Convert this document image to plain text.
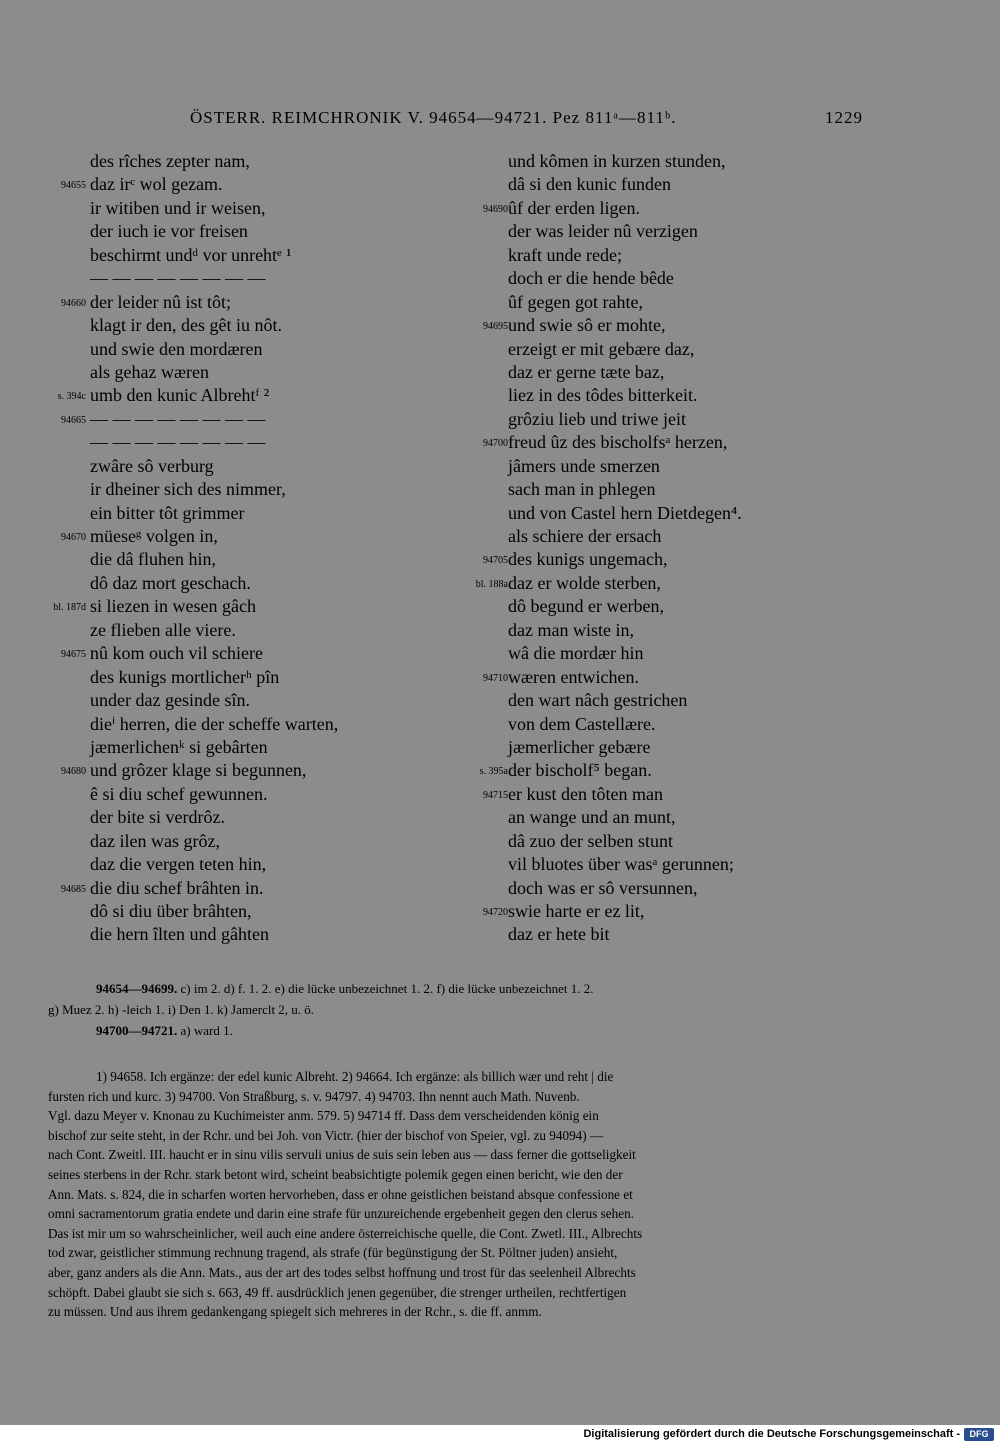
ÖSTERR. REIMCHRONIK V. 94654—94721. Pez 811ᵃ—811ᵇ.	1229
des rîches zepter nam,
94655 daz irᶜ wol gezam.
ir witiben und ir weisen,
der iuch ie vor freisen
beschirmt undᵈ vor unrehtᵉ ¹
— — — — — — — —
94660 der leider nû ist tôt;
klagt ir den, des gêt iu nôt.
und swie den mordæren
als gehaz wæren
s. 394c umb den kunic Albrehtᶠ ²
94665 — — — — — — — —
— — — — — — — —
zwâre sô verburg
ir dheiner sich des nimmer,
ein bitter tôt grimmer
94670 müeseᵍ volgen in,
die dâ fluhen hin,
dô daz mort geschach.
bl. 187d si liezen in wesen gâch
ze flieben alle viere.
94675 nû kom ouch vil schiere
des kunigs mortlicherʰ pîn
under daz gesinde sîn.
dieⁱ herren, die der scheffe warten,
jæmerlichenᵏ si gebârten
94680 und grôzer klage si begunnen,
ê si diu schef gewunnen.
der bite si verdrôz.
daz ilen was grôz,
daz die vergen teten hin,
94685 die diu schef brâhten in.
dô si diu über brâhten,
die hern îlten und gâhten
und kômen in kurzen stunden,
dâ si den kunic funden
94690 ûf der erden ligen.
der was leider nû verzigen
kraft unde rede;
doch er die hende bêde
ûf gegen got rahte,
94695 und swie sô er mohte,
erzeigt er mit gebære daz,
daz er gerne tæte baz,
liez in des tôdes bitterkeit.
grôziu lieb und triwe jeit
94700 freud ûz des bischolfsᵃ herzen,
jâmers unde smerzen
sach man in phlegen
und von Castel hern Dietdegen⁴.
als schiere der ersach
94705 des kunigs ungemach,
bl. 188a daz er wolde sterben,
dô begund er werben,
daz man wiste in,
wâ die mordær hin
94710 wæren entwichen.
den wart nâch gestrichen
von dem Castellære.
jæmerlicher gebære
s. 395a der bischolf⁵ began.
94715 er kust den tôten man
an wange und an munt,
dâ zuo der selben stunt
vil bluotes über wasᵃ gerunnen;
doch was er sô versunnen,
94720 swie harte er ez lit,
daz er hete bit
94654—94699. c) im 2. d) f. 1. 2. e) die lücke unbezeichnet 1. 2. f) die lücke unbezeichnet 1. 2.
g) Muez 2. h) -leich 1. i) Den 1. k) Jamerclt 2, u. ö.
94700—94721. a) ward 1.
1) 94658. Ich ergänze: der edel kunic Albreht. 2) 94664. Ich ergänze: als billich wær und reht | die
fursten rich und kurc. 3) 94700. Von Straßburg, s. v. 94797. 4) 94703. Ihn nennt auch Math. Nuvenb.
Vgl. dazu Meyer v. Knonau zu Kuchimeister anm. 579. 5) 94714 ff. Dass dem verscheidenden könig ein
bischof zur seite steht, in der Rchr. und bei Joh. von Victr. (hier der bischof von Speier, vgl. zu 94094) —
nach Cont. Zweitl. III. haucht er in sinu vilis servuli unius de suis sein leben aus — dass ferner die gottseligkeit
seines sterbens in der Rchr. stark betont wird, scheint beabsichtigte polemik gegen einen bericht, wie den der
Ann. Mats. s. 824, die in scharfen worten hervorheben, dass er ohne geistlichen beistand absque confessione et
omni sacramentorum gratia endete und darin eine strafe für unzureichende ergebenheit gegen den clerus sehen.
Das ist mir um so wahrscheinlicher, weil auch eine andere österreichische quelle, die Cont. Zwetl. III., Albrechts
tod zwar, geistlicher stimmung rechnung tragend, als strafe (für begünstigung der St. Pöltner juden) ansieht,
aber, ganz anders als die Ann. Mats., aus der art des todes selbst hoffnung und trost für das seelenheil Albrechts
schöpft. Dabei glaubt sie sich s. 663, 49 ff. ausdrücklich jenen gegenüber, die strenger urtheilen, rechtfertigen
zu müssen. Und aus ihrem gedankengang spiegelt sich mehreres in der Rchr., s. die ff. anmm.
Digitalisierung gefördert durch die Deutsche Forschungsgemeinschaft -	DFG
